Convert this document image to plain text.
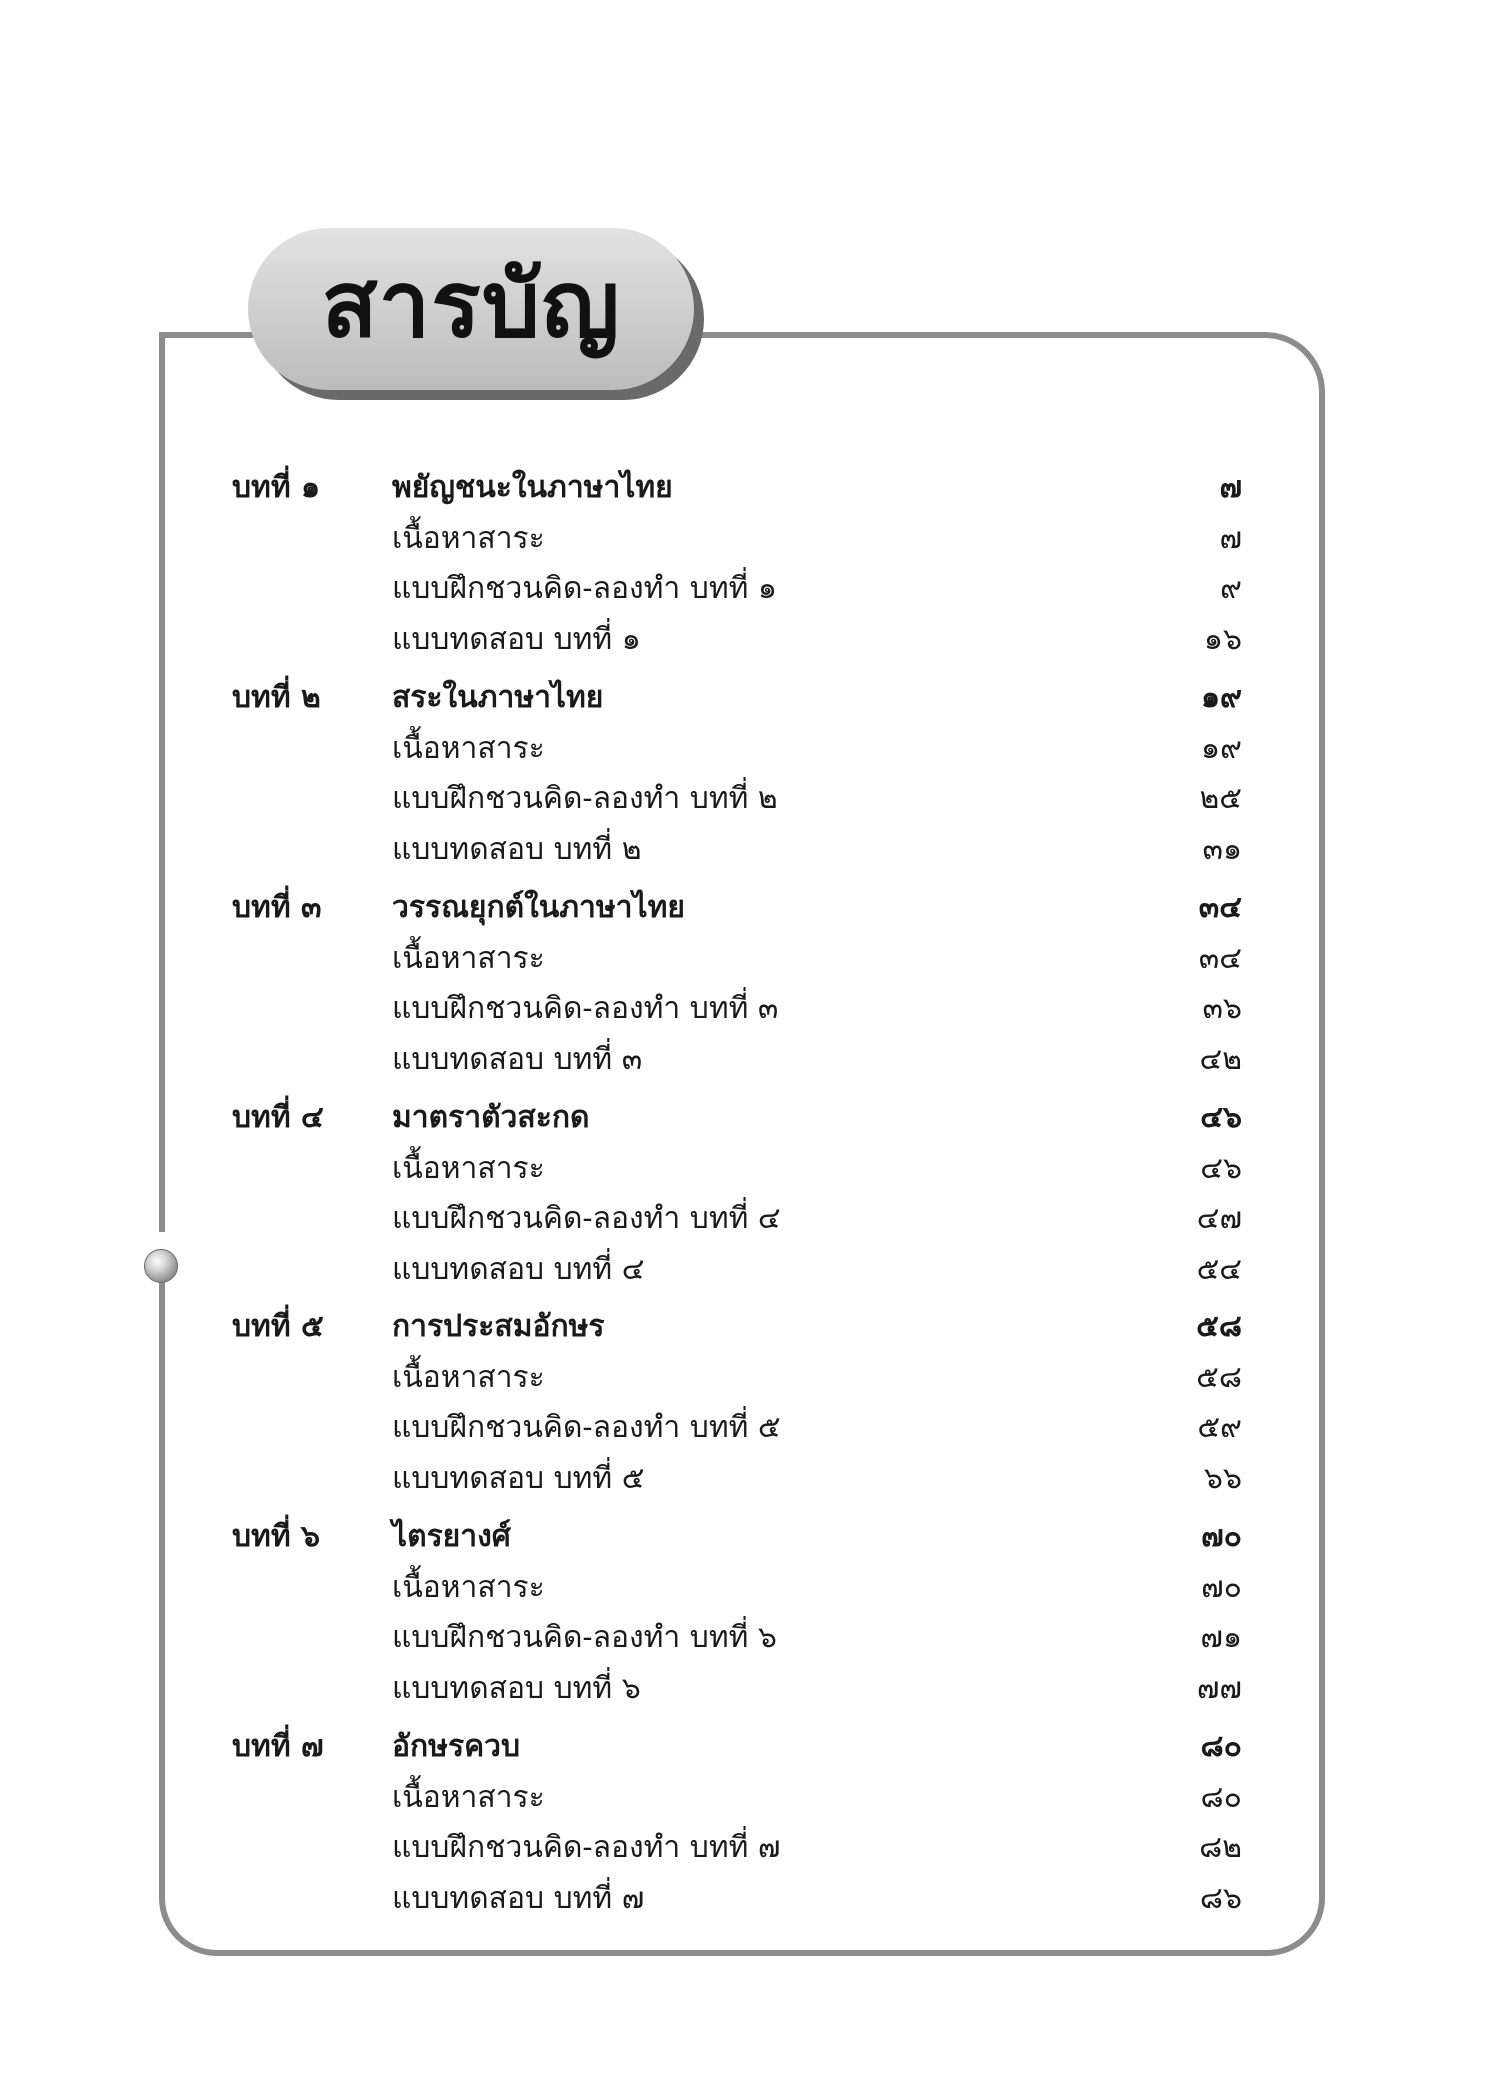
สารบัญ
บทที่ ๑ พยัญชนะในภาษาไทย	๗
เนื้อหาสาระ	๗
แบบฝึกชวนคิด-ลองทำ บทที่ ๑	๙
แบบทดสอบ บทที่ ๑	๑๖
บทที่ ๒ สระในภาษาไทย	๑๙
เนื้อหาสาระ	๑๙
แบบฝึกชวนคิด-ลองทำ บทที่ ๒	๒๕
แบบทดสอบ บทที่ ๒	๓๑
บทที่ ๓ วรรณยุกต์ในภาษาไทย	๓๔
เนื้อหาสาระ	๓๔
แบบฝึกชวนคิด-ลองทำ บทที่ ๓	๓๖
แบบทดสอบ บทที่ ๓	๔๒
บทที่ ๔ มาตราตัวสะกด	๔๖
เนื้อหาสาระ	๔๖
แบบฝึกชวนคิด-ลองทำ บทที่ ๔	๔๗
แบบทดสอบ บทที่ ๔	๕๔
บทที่ ๕ การประสมอักษร	๕๘
เนื้อหาสาระ	๕๘
แบบฝึกชวนคิด-ลองทำ บทที่ ๕	๕๙
แบบทดสอบ บทที่ ๕	๖๖
บทที่ ๖ ไตรยางศ์	๗๐
เนื้อหาสาระ	๗๐
แบบฝึกชวนคิด-ลองทำ บทที่ ๖	๗๑
แบบทดสอบ บทที่ ๖	๗๗
บทที่ ๗ อักษรควบ	๘๐
เนื้อหาสาระ	๘๐
แบบฝึกชวนคิด-ลองทำ บทที่ ๗	๘๒
แบบทดสอบ บทที่ ๗	๘๖
